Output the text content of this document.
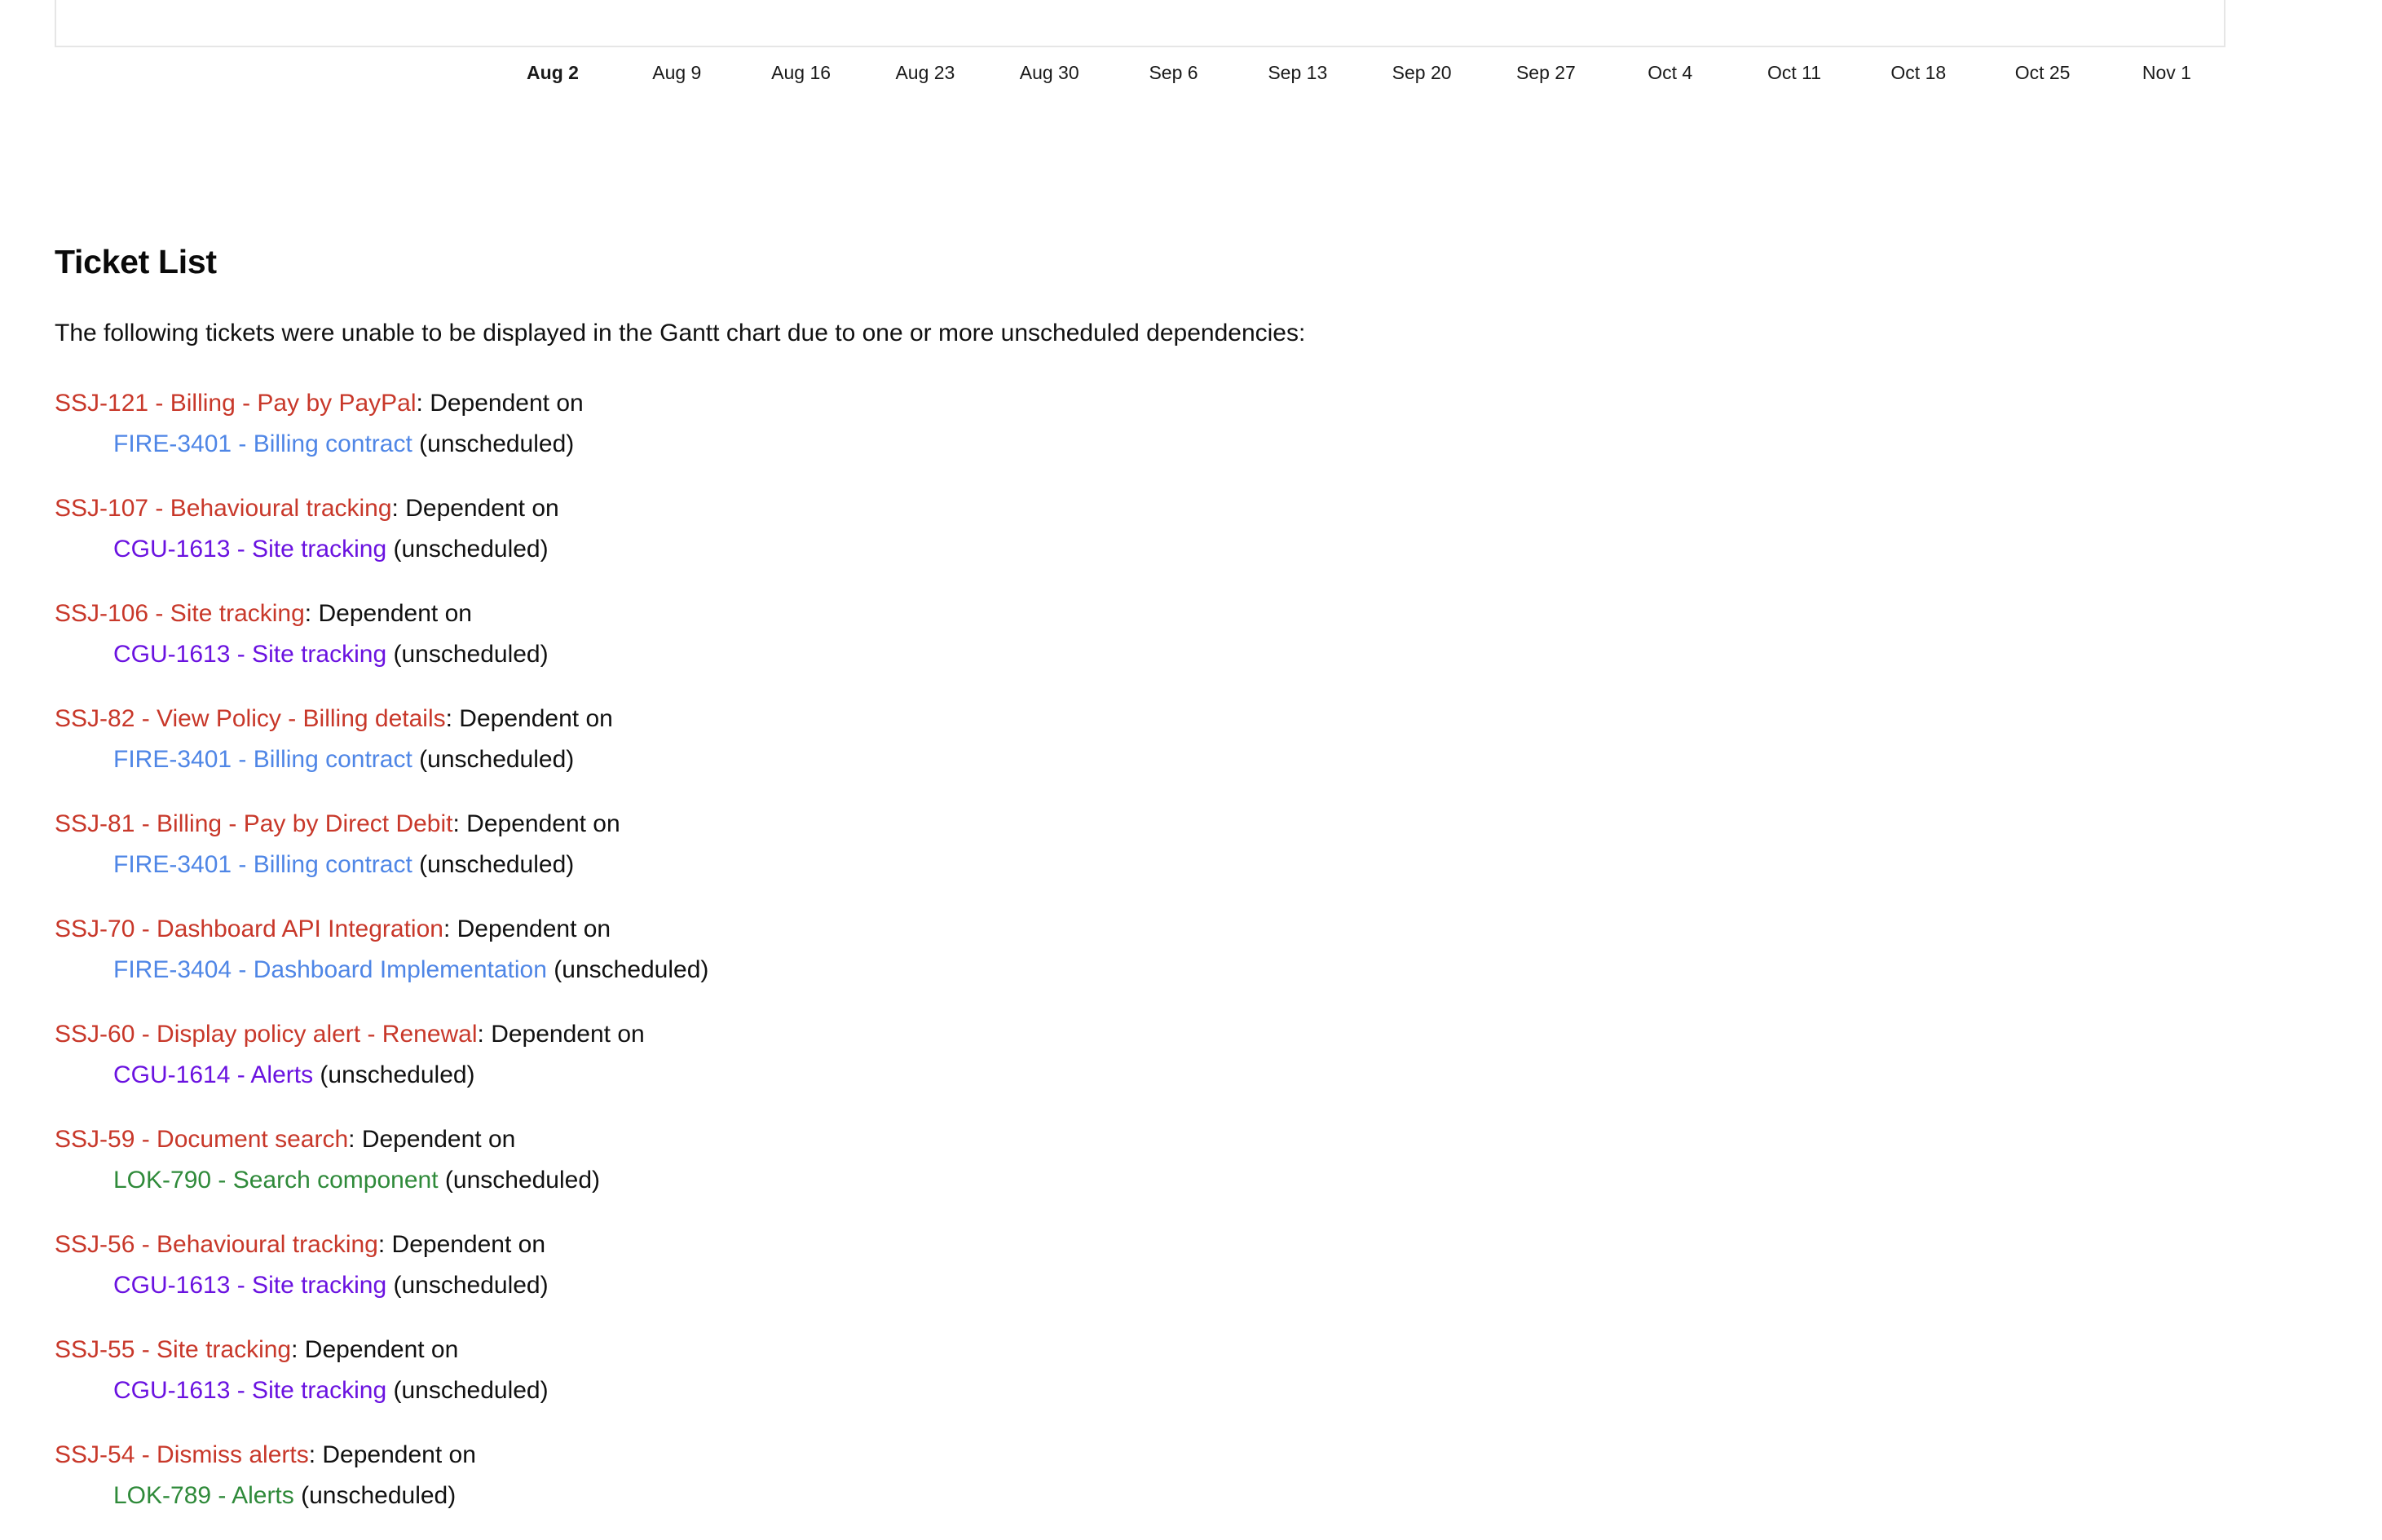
Aug 2	Aug 9	Aug 16	Aug 23	Aug 30	Sep 6	Sep 13	Sep 20	Sep 27	Oct 4	Oct 11	Oct 18	Oct 25	Nov 1
Ticket List

The following tickets were unable to be displayed in the Gantt chart due to one or more unscheduled dependencies:

SSJ-121 - Billing - Pay by PayPal: Dependent on
FIRE-3401 - Billing contract (unscheduled)
SSJ-107 - Behavioural tracking: Dependent on
CGU-1613 - Site tracking (unscheduled)
SSJ-106 - Site tracking: Dependent on
CGU-1613 - Site tracking (unscheduled)
SSJ-82 - View Policy - Billing details: Dependent on
FIRE-3401 - Billing contract (unscheduled)
SSJ-81 - Billing - Pay by Direct Debit: Dependent on
FIRE-3401 - Billing contract (unscheduled)
SSJ-70 - Dashboard API Integration: Dependent on
FIRE-3404 - Dashboard Implementation (unscheduled)
SSJ-60 - Display policy alert - Renewal: Dependent on
CGU-1614 - Alerts (unscheduled)
SSJ-59 - Document search: Dependent on
LOK-790 - Search component (unscheduled)
SSJ-56 - Behavioural tracking: Dependent on
CGU-1613 - Site tracking (unscheduled)
SSJ-55 - Site tracking: Dependent on
CGU-1613 - Site tracking (unscheduled)
SSJ-54 - Dismiss alerts: Dependent on
LOK-789 - Alerts (unscheduled)
